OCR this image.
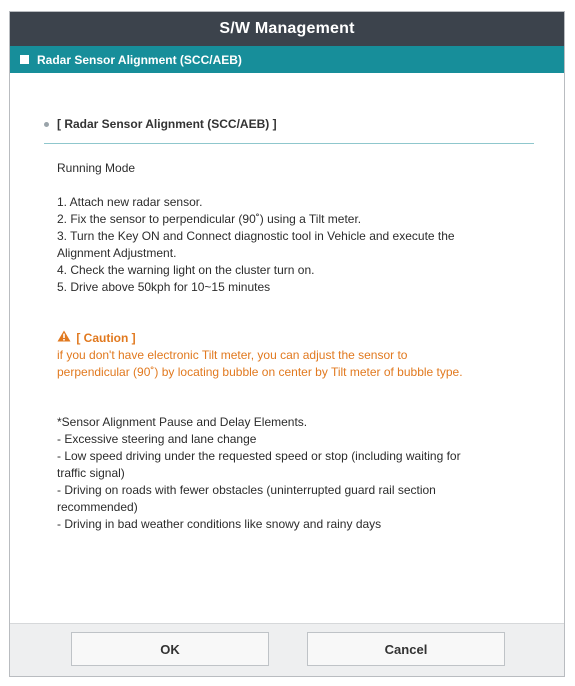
S/W Management
Radar Sensor Alignment (SCC/AEB)
[ Radar Sensor Alignment (SCC/AEB) ]
Running Mode
1. Attach new radar sensor.
2. Fix the sensor to perpendicular (90˚) using a Tilt meter.
3. Turn the Key ON and Connect diagnostic tool in Vehicle and execute the
Alignment Adjustment.
4. Check the warning light on the cluster turn on.
5. Drive above 50kph for 10~15 minutes
[ Caution ]
if you don't have electronic Tilt meter, you can adjust the sensor to
perpendicular (90˚) by locating bubble on center by Tilt meter of bubble type.
*Sensor Alignment Pause and Delay Elements.
- Excessive steering and lane change
- Low speed driving under the requested speed or stop (including waiting for
traffic signal)
- Driving on roads with fewer obstacles (uninterrupted guard rail section
recommended)
- Driving in bad weather conditions like snowy and rainy days
OK	Cancel
